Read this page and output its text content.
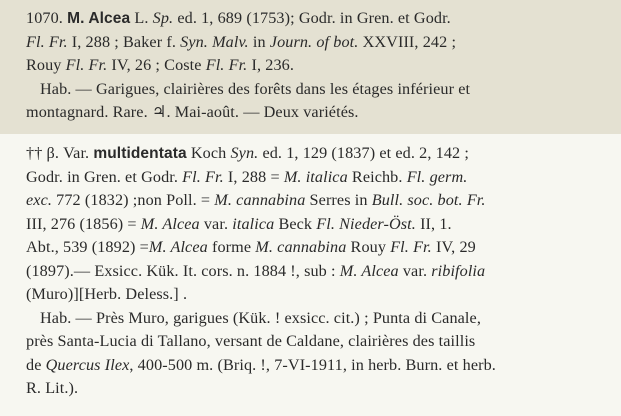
1070. M. Alcea L. Sp. ed. 1, 689 (1753); Godr. in Gren. et Godr.
Fl. Fr. I, 288 ; Baker f. Syn. Malv. in Journ. of bot. XXVIII, 242 ;
Rouy Fl. Fr. IV, 26 ; Coste Fl. Fr. I, 236.
Hab. — Garigues, clairières des forêts dans les étages inférieur et
montagnard. Rare. ♃. Mai-août. — Deux variétés.
†† β. Var. multidentata Koch Syn. ed. 1, 129 (1837) et ed. 2, 142 ;
Godr. in Gren. et Godr. Fl. Fr. I, 288 = M. italica Reichb. Fl. germ.
exc. 772 (1832) ;non Poll. = M. cannabina Serres in Bull. soc. bot. Fr.
III, 276 (1856) = M. Alcea var. italica Beck Fl. Nieder-Öst. II, 1.
Abt., 539 (1892) =M. Alcea forme M. cannabina Rouy Fl. Fr. IV, 29
(1897).— Exsicc. Kük. It. cors. n. 1884 !, sub : M. Alcea var. ribifolia
(Muro)][Herb. Deless.] .
Hab. — Près Muro, garigues (Kük. ! exsicc. cit.) ; Punta di Canale,
près Santa-Lucia di Tallano, versant de Caldane, clairières des taillis
de Quercus Ilex, 400-500 m. (Briq. !, 7-VI-1911, in herb. Burn. et herb.
R. Lit.).
